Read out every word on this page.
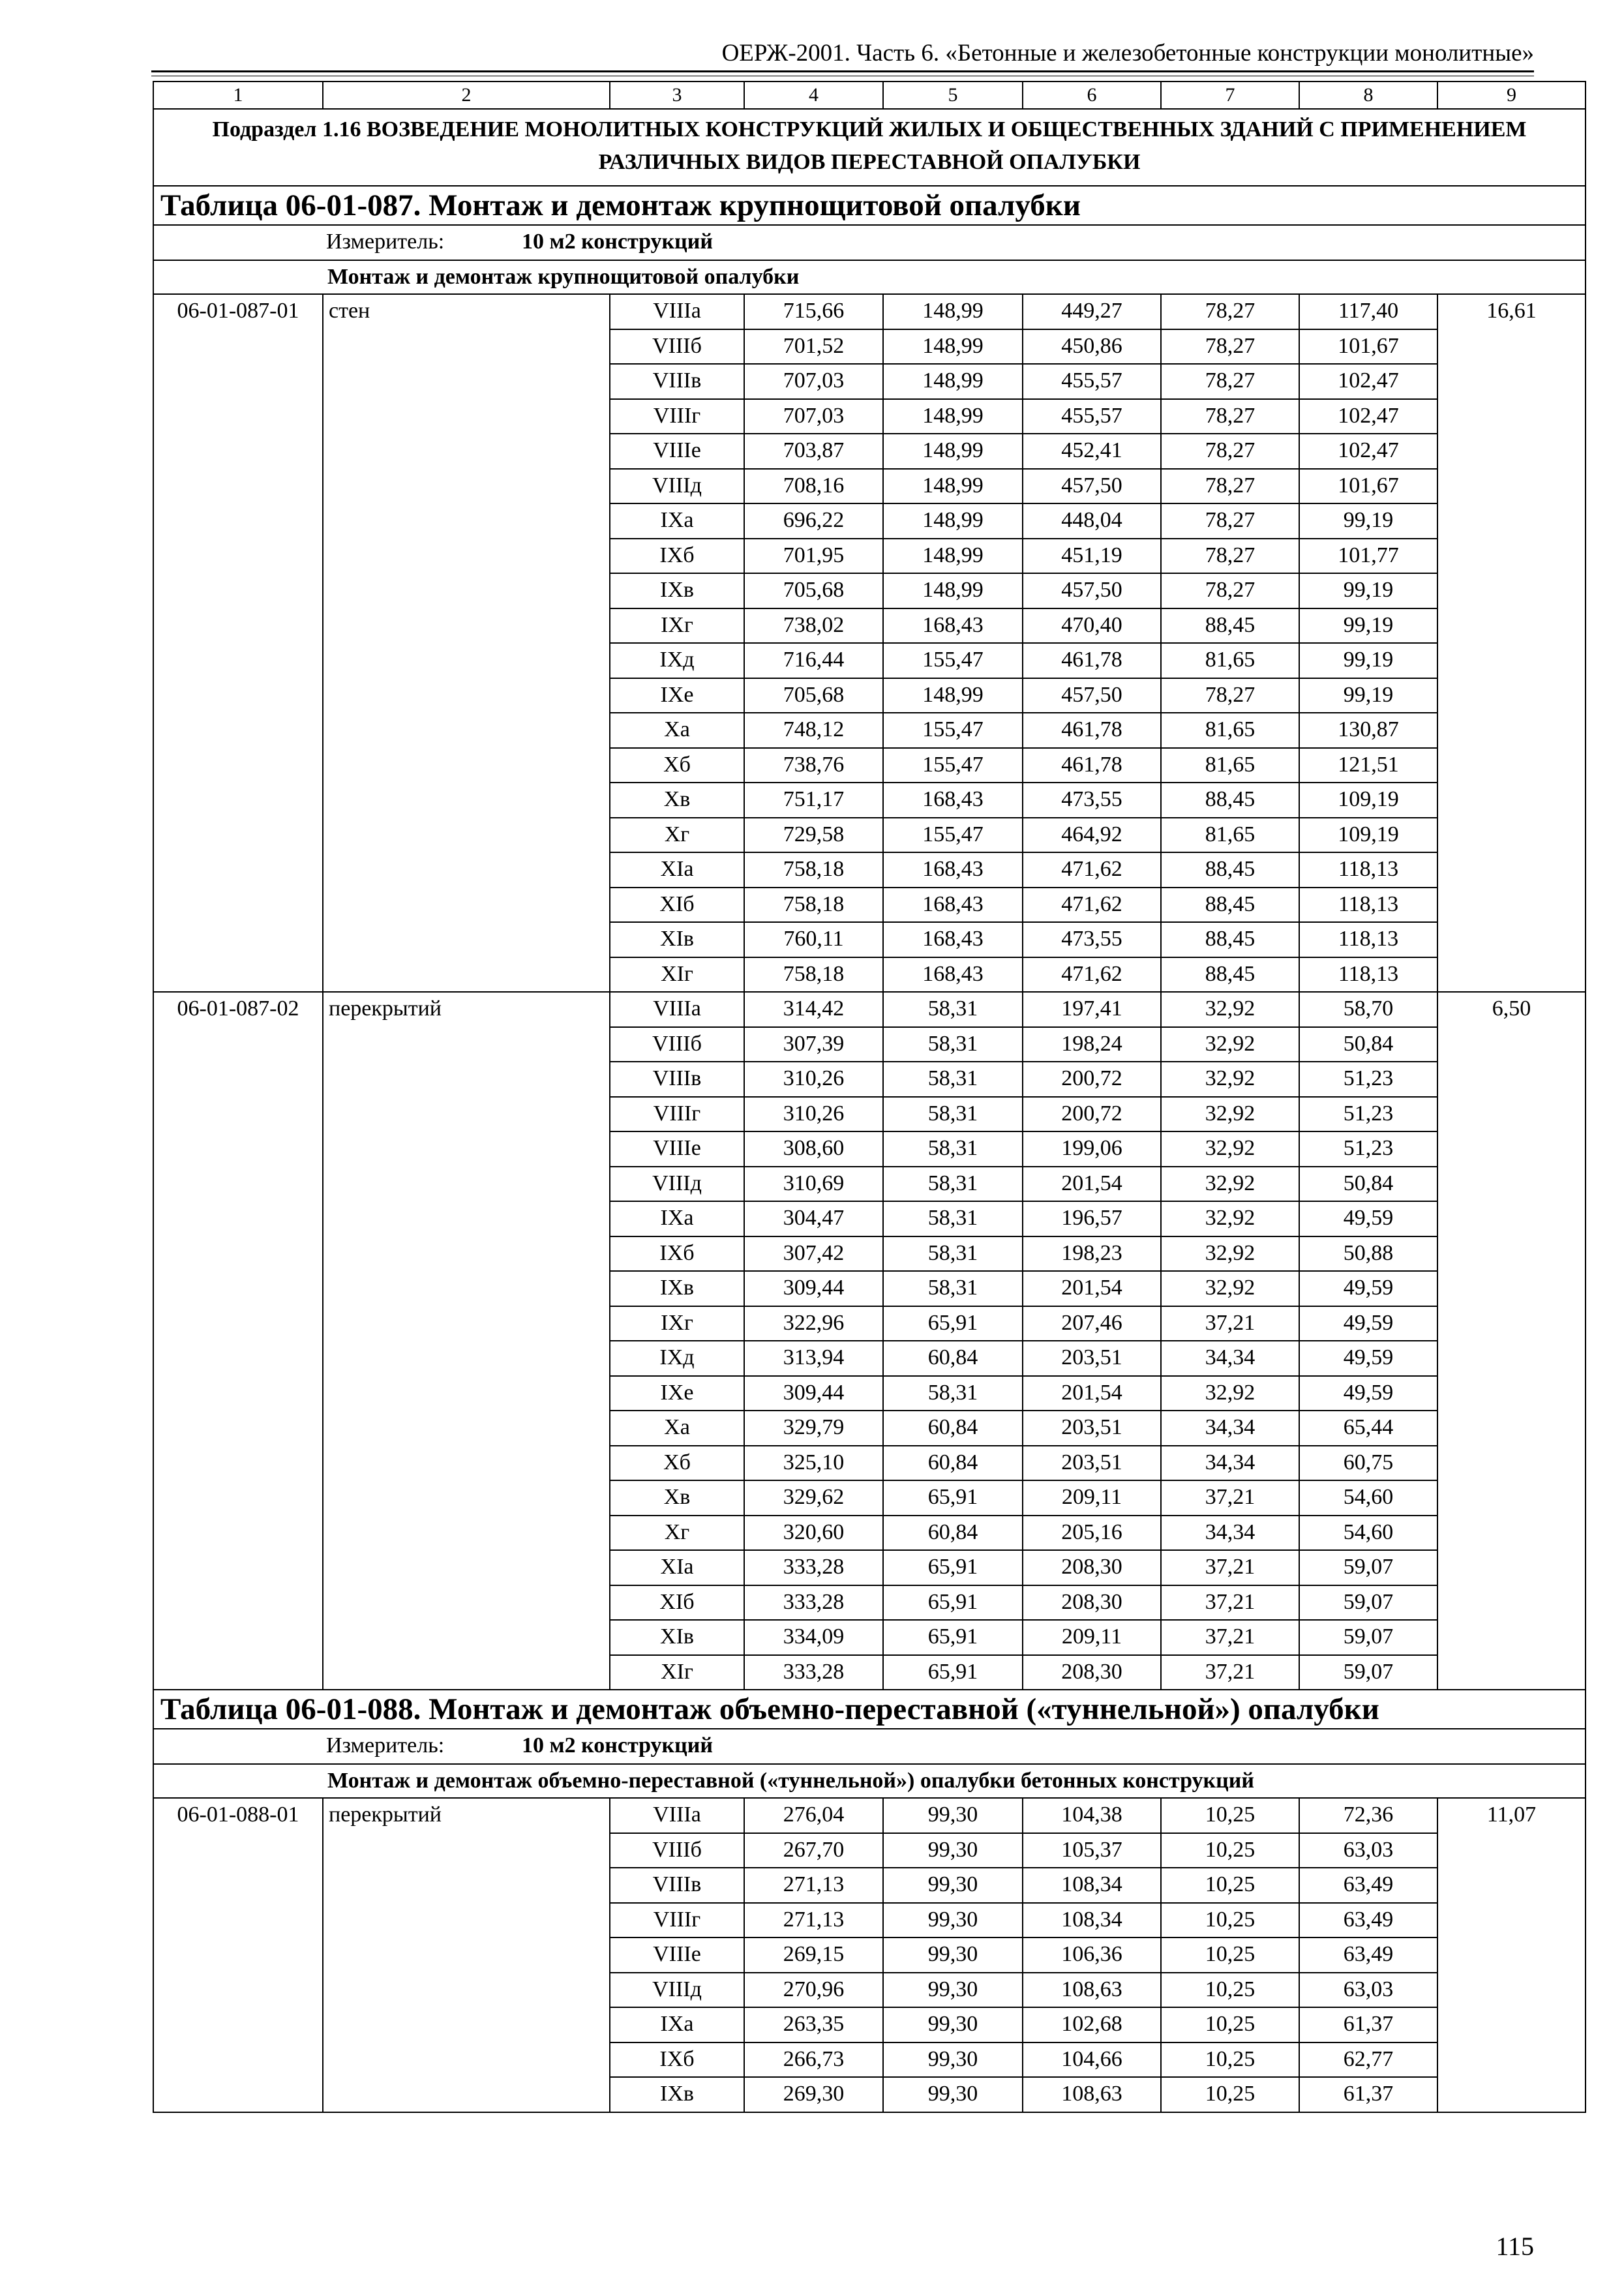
ОЕРЖ-2001. Часть 6. «Бетонные и железобетонные конструкции монолитные»
1	2	3	4	5	6	7	8	9
Подраздел 1.16 ВОЗВЕДЕНИЕ МОНОЛИТНЫХ КОНСТРУКЦИЙ ЖИЛЫХ И ОБЩЕСТВЕННЫХ ЗДАНИЙ С ПРИМЕНЕНИЕМ РАЗЛИЧНЫХ ВИДОВ ПЕРЕСТАВНОЙ ОПАЛУБКИ								
Таблица 06-01-087. Монтаж и демонтаж крупнощитовой опалубки								
Измеритель: 10 м2 конструкций								
Монтаж и демонтаж крупнощитовой опалубки								
06-01-087-01	стен	VIIIа	715,66	148,99	449,27	78,27	117,40	16,61
		VIIIб	701,52	148,99	450,86	78,27	101,67	
		VIIIв	707,03	148,99	455,57	78,27	102,47	
		VIIIг	707,03	148,99	455,57	78,27	102,47	
		VIIIе	703,87	148,99	452,41	78,27	102,47	
		VIIIд	708,16	148,99	457,50	78,27	101,67	
		IXа	696,22	148,99	448,04	78,27	99,19	
		IXб	701,95	148,99	451,19	78,27	101,77	
		IXв	705,68	148,99	457,50	78,27	99,19	
		IXг	738,02	168,43	470,40	88,45	99,19	
		IXд	716,44	155,47	461,78	81,65	99,19	
		IXе	705,68	148,99	457,50	78,27	99,19	
		Xа	748,12	155,47	461,78	81,65	130,87	
		Xб	738,76	155,47	461,78	81,65	121,51	
		Xв	751,17	168,43	473,55	88,45	109,19	
		Xг	729,58	155,47	464,92	81,65	109,19	
		XIа	758,18	168,43	471,62	88,45	118,13	
		XIб	758,18	168,43	471,62	88,45	118,13	
		XIв	760,11	168,43	473,55	88,45	118,13	
		XIг	758,18	168,43	471,62	88,45	118,13	
06-01-087-02	перекрытий	VIIIа	314,42	58,31	197,41	32,92	58,70	6,50
		VIIIб	307,39	58,31	198,24	32,92	50,84	
		VIIIв	310,26	58,31	200,72	32,92	51,23	
		VIIIг	310,26	58,31	200,72	32,92	51,23	
		VIIIе	308,60	58,31	199,06	32,92	51,23	
		VIIIд	310,69	58,31	201,54	32,92	50,84	
		IXа	304,47	58,31	196,57	32,92	49,59	
		IXб	307,42	58,31	198,23	32,92	50,88	
		IXв	309,44	58,31	201,54	32,92	49,59	
		IXг	322,96	65,91	207,46	37,21	49,59	
		IXд	313,94	60,84	203,51	34,34	49,59	
		IXе	309,44	58,31	201,54	32,92	49,59	
		Xа	329,79	60,84	203,51	34,34	65,44	
		Xб	325,10	60,84	203,51	34,34	60,75	
		Xв	329,62	65,91	209,11	37,21	54,60	
		Xг	320,60	60,84	205,16	34,34	54,60	
		XIа	333,28	65,91	208,30	37,21	59,07	
		XIб	333,28	65,91	208,30	37,21	59,07	
		XIв	334,09	65,91	209,11	37,21	59,07	
		XIг	333,28	65,91	208,30	37,21	59,07	
Таблица 06-01-088. Монтаж и демонтаж объемно-переставной («туннельной») опалубки								
Измеритель: 10 м2 конструкций								
Монтаж и демонтаж объемно-переставной («туннельной») опалубки бетонных конструкций								
06-01-088-01	перекрытий	VIIIа	276,04	99,30	104,38	10,25	72,36	11,07
		VIIIб	267,70	99,30	105,37	10,25	63,03	
		VIIIв	271,13	99,30	108,34	10,25	63,49	
		VIIIг	271,13	99,30	108,34	10,25	63,49	
		VIIIе	269,15	99,30	106,36	10,25	63,49	
		VIIIд	270,96	99,30	108,63	10,25	63,03	
		IXа	263,35	99,30	102,68	10,25	61,37	
		IXб	266,73	99,30	104,66	10,25	62,77	
		IXв	269,30	99,30	108,63	10,25	61,37	
115
